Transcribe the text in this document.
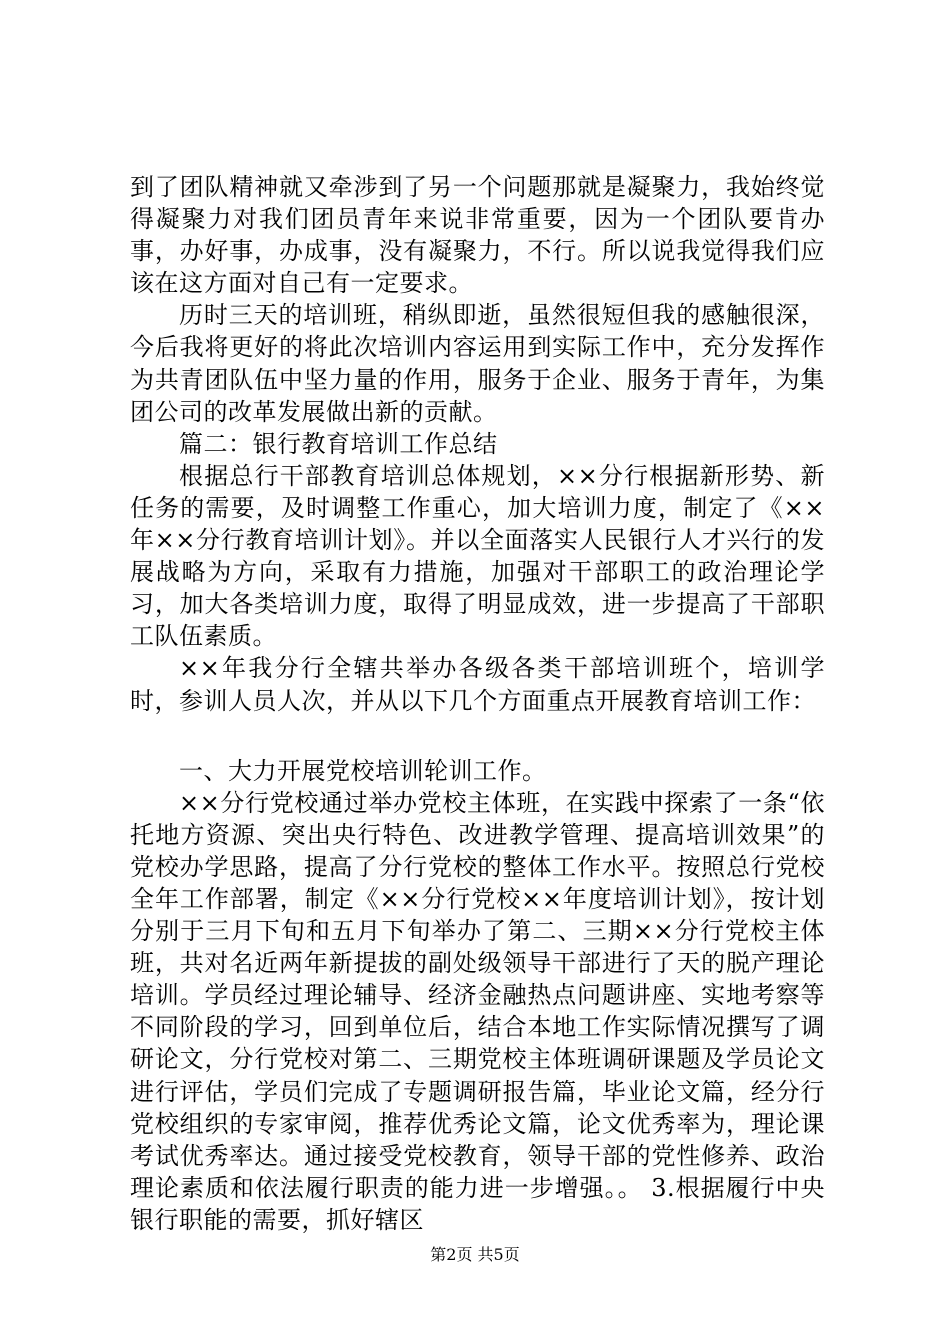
到了团队精神就又牵涉到了另一个问题那就是凝聚力，我始终觉得凝聚力对我们团员青年来说非常重要，因为一个团队要肯办事，办好事，办成事，没有凝聚力，不行。所以说我觉得我们应该在这方面对自己有一定要求。

历时三天的培训班，稍纵即逝，虽然很短但我的感触很深，今后我将更好的将此次培训内容运用到实际工作中，充分发挥作为共青团队伍中坚力量的作用，服务于企业、服务于青年，为集团公司的改革发展做出新的贡献。

篇二：银行教育培训工作总结

根据总行干部教育培训总体规划，××分行根据新形势、新任务的需要，及时调整工作重心，加大培训力度，制定了《××年××分行教育培训计划》。并以全面落实人民银行人才兴行的发展战略为方向，采取有力措施，加强对干部职工的政治理论学习，加大各类培训力度，取得了明显成效，进一步提高了干部职工队伍素质。

××年我分行全辖共举办各级各类干部培训班个，培训学时，参训人员人次，并从以下几个方面重点开展教育培训工作：

一、大力开展党校培训轮训工作。

××分行党校通过举办党校主体班，在实践中探索了一条“依托地方资源、突出央行特色、改进教学管理、提高培训效果”的党校办学思路，提高了分行党校的整体工作水平。按照总行党校全年工作部署，制定《××分行党校××年度培训计划》，按计划分别于三月下旬和五月下旬举办了第二、三期××分行党校主体班，共对名近两年新提拔的副处级领导干部进行了天的脱产理论培训。学员经过理论辅导、经济金融热点问题讲座、实地考察等不同阶段的学习，回到单位后，结合本地工作实际情况撰写了调研论文，分行党校对第二、三期党校主体班调研课题及学员论文进行评估，学员们完成了专题调研报告篇，毕业论文篇，经分行党校组织的专家审阅，推荐优秀论文篇，论文优秀率为，理论课考试优秀率达。通过接受党校教育，领导干部的党性修养、政治理论素质和依法履行职责的能力进一步增强。。 3.根据履行中央银行职能的需要，抓好辖区

第2页 共5页
